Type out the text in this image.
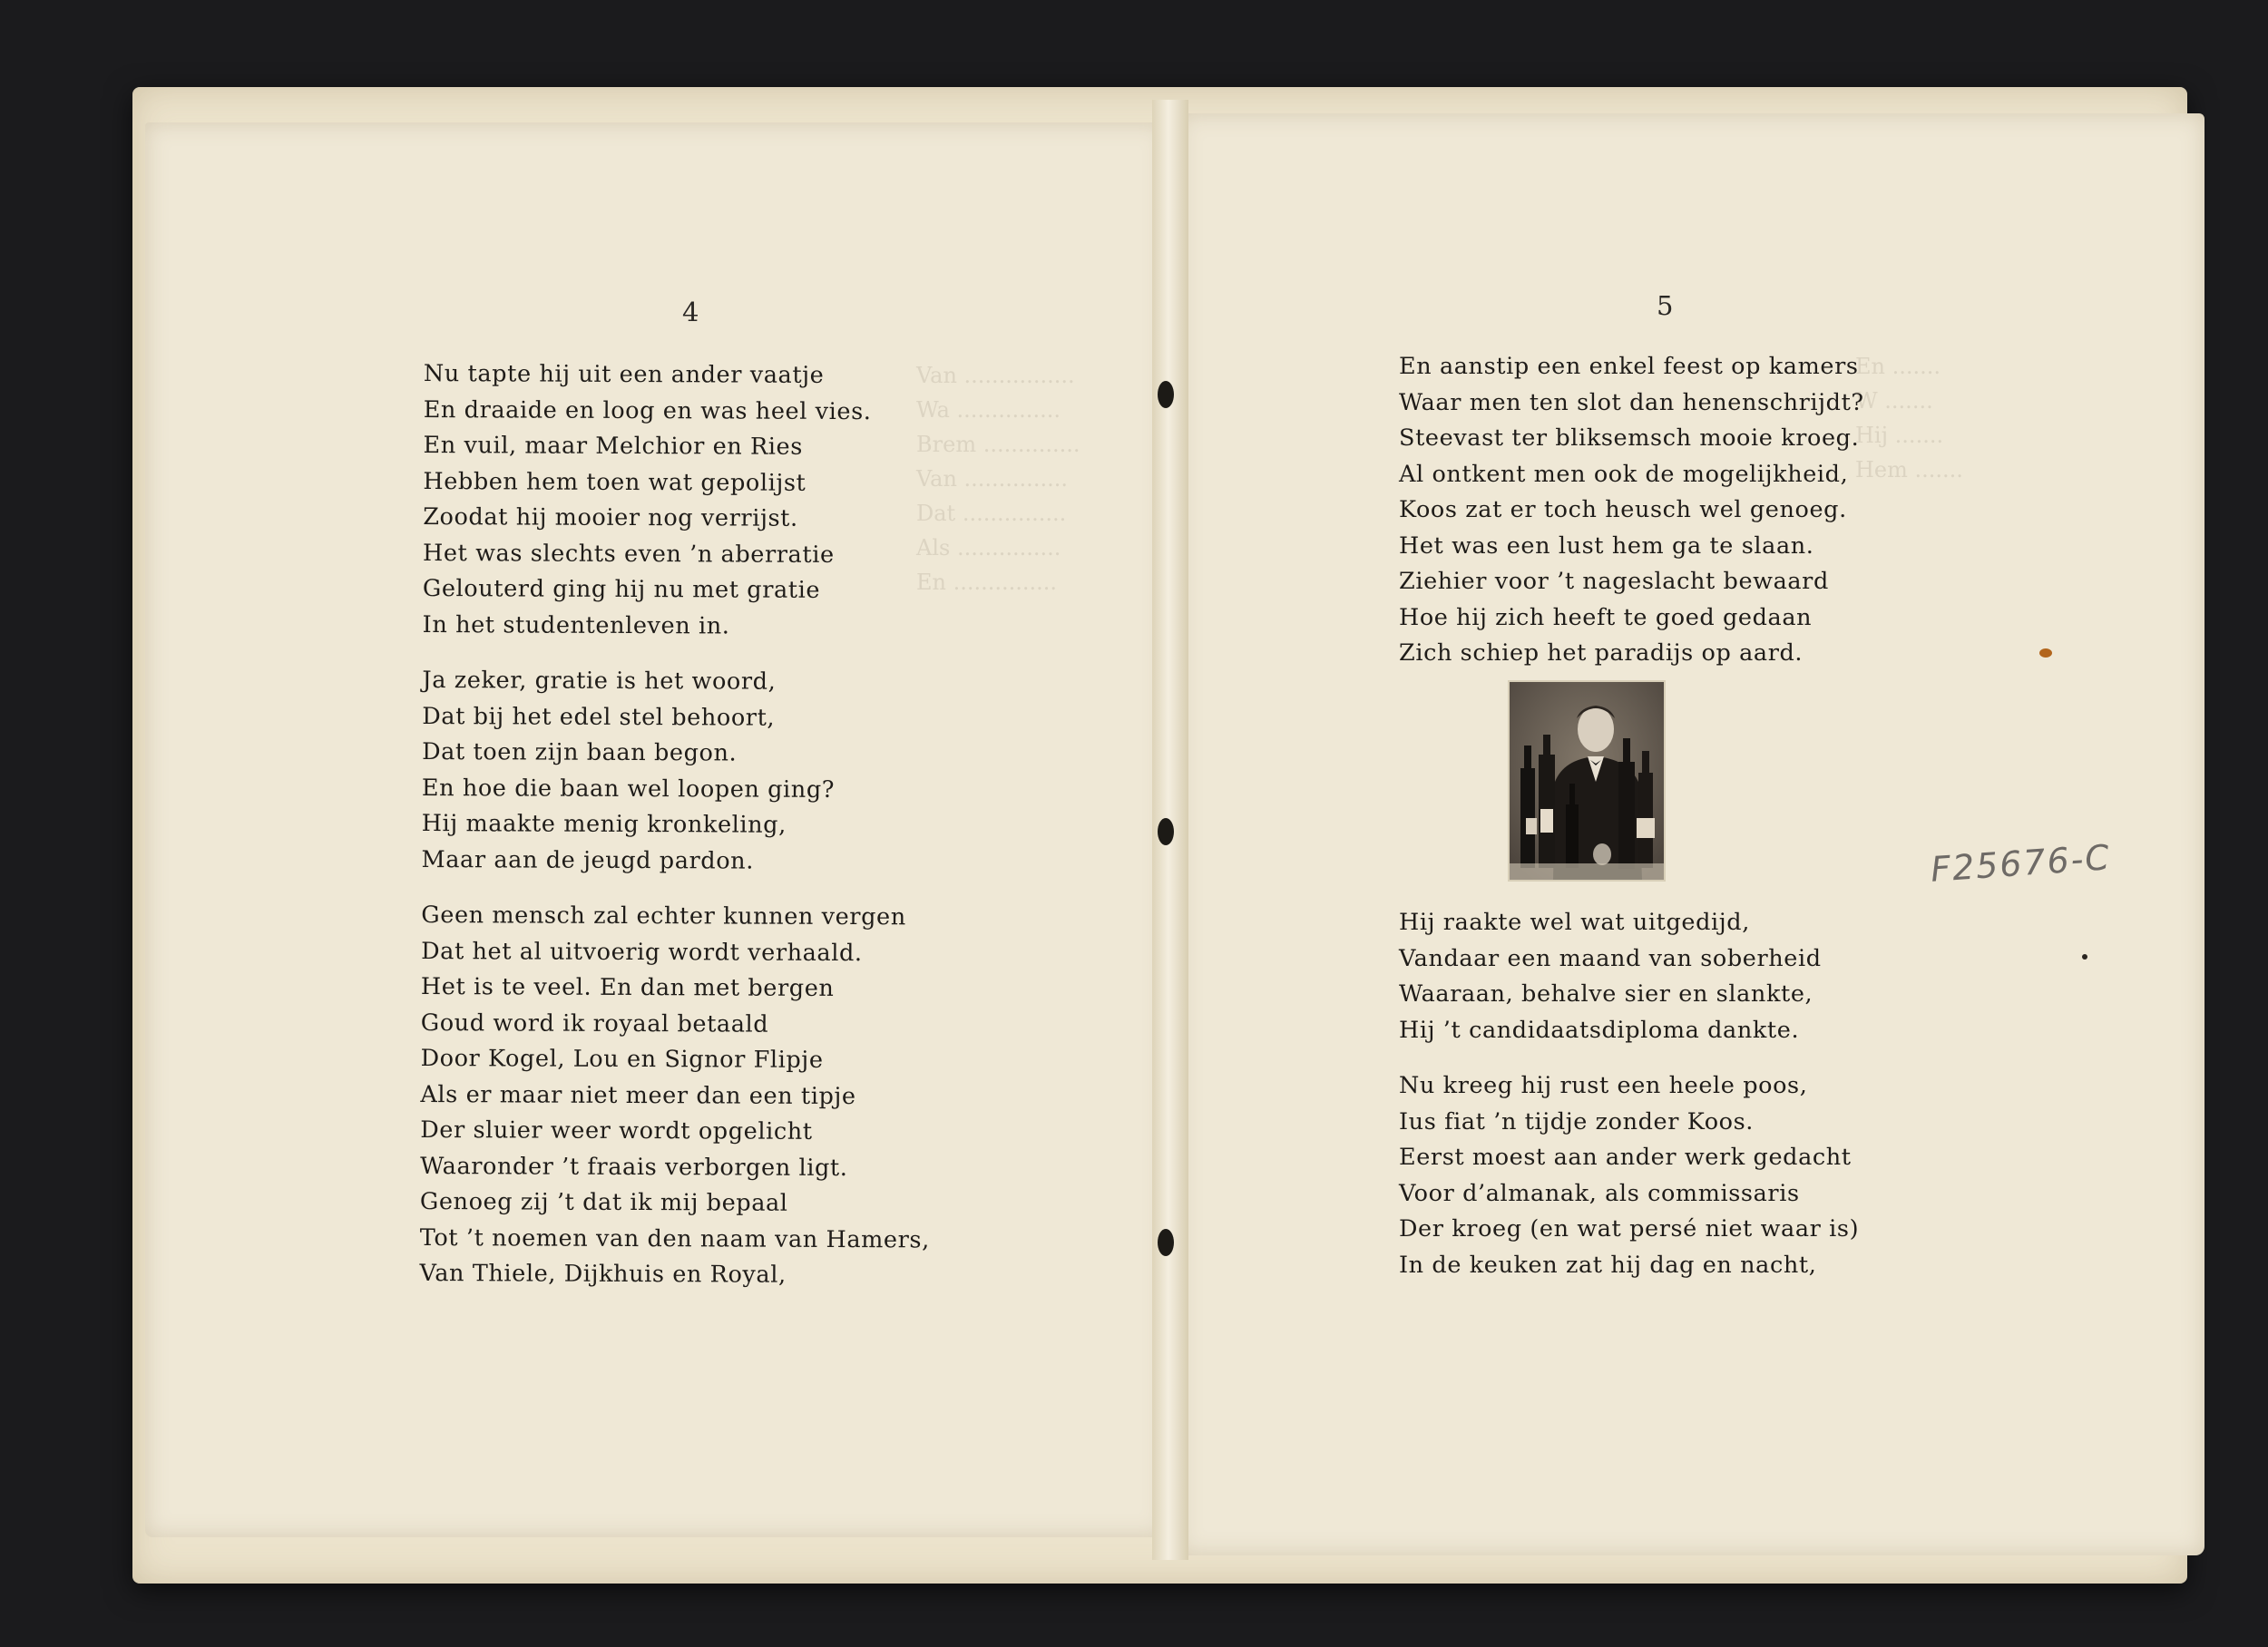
Van ................
Wa ...............
Brem ..............
Van ...............
Dat ...............
Als ...............
En ...............
En .......
W .......
Hij .......
Hem .......
4
Nu tapte hij uit een ander vaatje
En draaide en loog en was heel vies.
En vuil, maar Melchior en Ries
Hebben hem toen wat gepolijst
Zoodat hij mooier nog verrijst.
Het was slechts even ’n aberratie
Gelouterd ging hij nu met gratie
In het studentenleven in.
Ja zeker, gratie is het woord,
Dat bij het edel stel behoort,
Dat toen zijn baan begon.
En hoe die baan wel loopen ging?
Hij maakte menig kronkeling,
Maar aan de jeugd pardon.
Geen mensch zal echter kunnen vergen
Dat het al uitvoerig wordt verhaald.
Het is te veel. En dan met bergen
Goud word ik royaal betaald
Door Kogel, Lou en Signor Flipje
Als er maar niet meer dan een tipje
Der sluier weer wordt opgelicht
Waaronder ’t fraais verborgen ligt.
Genoeg zij ’t dat ik mij bepaal
Tot ’t noemen van den naam van Hamers,
Van Thiele, Dijkhuis en Royal,
5
En aanstip een enkel feest op kamers
Waar men ten slot dan henenschrijdt?
Steevast ter bliksemsch mooie kroeg.
Al ontkent men ook de mogelijkheid,
Koos zat er toch heusch wel genoeg.
Het was een lust hem ga te slaan.
Ziehier voor ’t nageslacht bewaard
Hoe hij zich heeft te goed gedaan
Zich schiep het paradijs op aard.
Hij raakte wel wat uitgedijd,
Vandaar een maand van soberheid
Waaraan, behalve sier en slankte,
Hij ’t candidaatsdiploma dankte.
Nu kreeg hij rust een heele poos,
Ius fiat ’n tijdje zonder Koos.
Eerst moest aan ander werk gedacht
Voor d’almanak, als commissaris
Der kroeg (en wat persé niet waar is)
In de keuken zat hij dag en nacht,
F25676-C
